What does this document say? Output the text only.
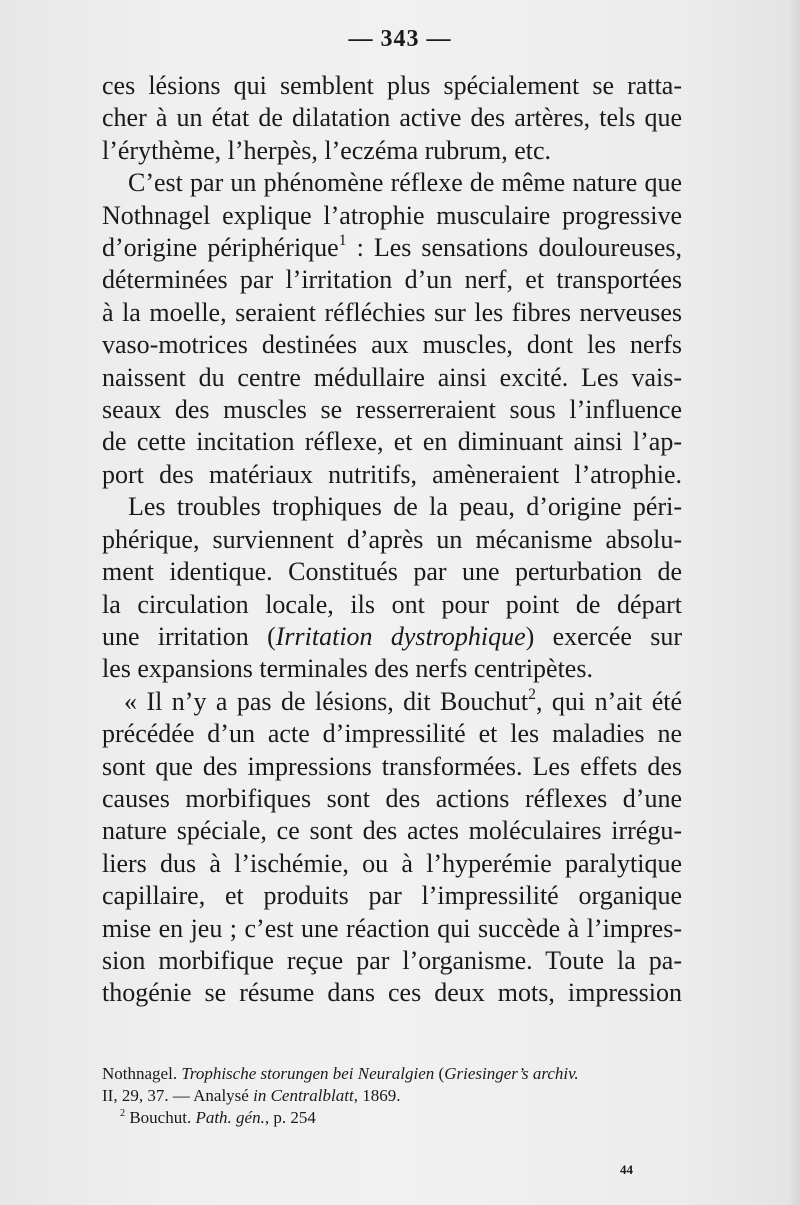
— 343 —
ces lésions qui semblent plus spécialement se ratta-
cher à un état de dilatation active des artères, tels que
l’érythème, l’herpès, l’eczéma rubrum, etc.
C’est par un phénomène réflexe de même nature que
Nothnagel explique l’atrophie musculaire progressive
d’origine périphérique$^1$ : Les sensations douloureuses,
déterminées par l’irritation d’un nerf, et transportées
à la moelle, seraient réfléchies sur les fibres nerveuses
vaso-motrices destinées aux muscles, dont les nerfs
naissent du centre médullaire ainsi excité. Les vais-
seaux des muscles se resserreraient sous l’influence
de cette incitation réflexe, et en diminuant ainsi l’ap-
port des matériaux nutritifs, amèneraient l’atrophie.
Les troubles trophiques de la peau, d’origine péri-
phérique, surviennent d’après un mécanisme absolu-
ment identique. Constitués par une perturbation de
la circulation locale, ils ont pour point de départ
une irritation (Irritation dystrophique) exercée sur
les expansions terminales des nerfs centripètes.
« Il n’y a pas de lésions, dit Bouchut$^2$, qui n’ait été
précédée d’un acte d’impressilité et les maladies ne
sont que des impressions transformées. Les effets des
causes morbifiques sont des actions réflexes d’une
nature spéciale, ce sont des actes moléculaires irrégu-
liers dus à l’ischémie, ou à l’hyperémie paralytique
capillaire, et produits par l’impressilité organique
mise en jeu ; c’est une réaction qui succède à l’impres-
sion morbifique reçue par l’organisme. Toute la pa-
thogénie se résume dans ces deux mots, impression
Nothnagel. Trophische storungen bei Neuralgien (Griesinger’s archiv.
II, 29, 37. — Analysé in Centralblatt, 1869.
$^2$ Bouchut. Path. gén., p. 254
44
